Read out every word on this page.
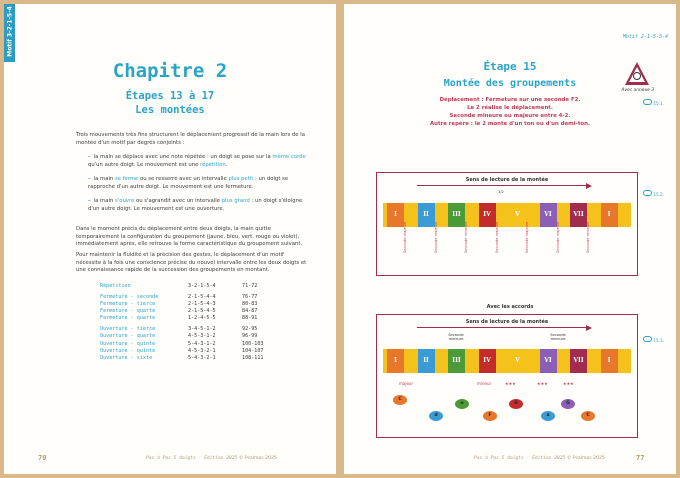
Motif 3-2-1-5-4
Chapitre 2
Étapes 13 à 17
Les montées
Trois mouvements très fins structurent le déplacement progressif de la main lors de la montée d'un motif par degrés conjoints :
– la main se déplace avec une note répétée : un doigt se pose sur la même corde qu'un autre doigt. Le mouvement est une répétition.
– la main se ferme ou se resserre avec un intervalle plus petit : un doigt se rapproche d'un autre doigt. Le mouvement est une fermeture.
– la main s'ouvre ou s'agrandit avec un intervalle plus grand : un doigt s'éloigne d'un autre doigt. Le mouvement est une ouverture.
Dans le moment précis du déplacement entre deux doigts, la main quitte temporairement la configuration du groupement (jaune, bleu, vert, rouge ou violet), immédiatement après, elle retrouve la forme caractéristique du groupement suivant.
Pour maintenir la fluidité et la précision des gestes, le déplacement d'un motif nécessite à la fois une conscience précise du nouvel intervalle entre les deux doigts et une connaissance rapide de la succession des groupements en montant.
Répétition	3-2-1-5-4	71-72
Fermeture - seconde	2-1-5-4-4	76-77
Fermeture - tierce	2-1-5-4-3	80-83
Fermeture - quarte	2-1-5-4-5	84-87
Fermeture - quarte	1-2-4-5-5	88-91
Ouverture - tierce	3-4-5-1-2	92-95
Ouverture - quarte	4-5-3-1-2	96-99
Ouverture - quinte	5-4-3-1-2	100-103
Ouverture - quinte	4-5-3-2-1	104-107
Ouverture - sixte	5-4-3-2-1	108-111
70	Pas à Pas 5 doigts - Édition 2025 © Psalmos 2025
Motif 2-1-5-5-4
Étape 15
Montée des groupements
Déplacement : Fermeture sur une seconde F2.
Le 2 réalise le déplacement.
Seconde mineure ou majeure entre 4-2.
Autre repère : le 2 monte d'un ton ou d'un demi-ton.
Avec annexe 3
15.1.
15.2.
15.3.
Sens de lecture de la montée
1/2
I	II	III	IV	V	VI	VII	I
Seconde majeure	Seconde majeure	Seconde mineure	Seconde majeure	Seconde majeure	Seconde majeure	Seconde mineure
Avec les accords
Sens de lecture de la montée
Seconde mineure
Seconde mineure
I	II	III	IV	V	VI	VII	I
C
d
e
F
G
a
G
C
majeur	mineur	★★★	★★★	★★★
Pas à Pas 5 doigts - Édition 2025 © Psalmos 2025	77
